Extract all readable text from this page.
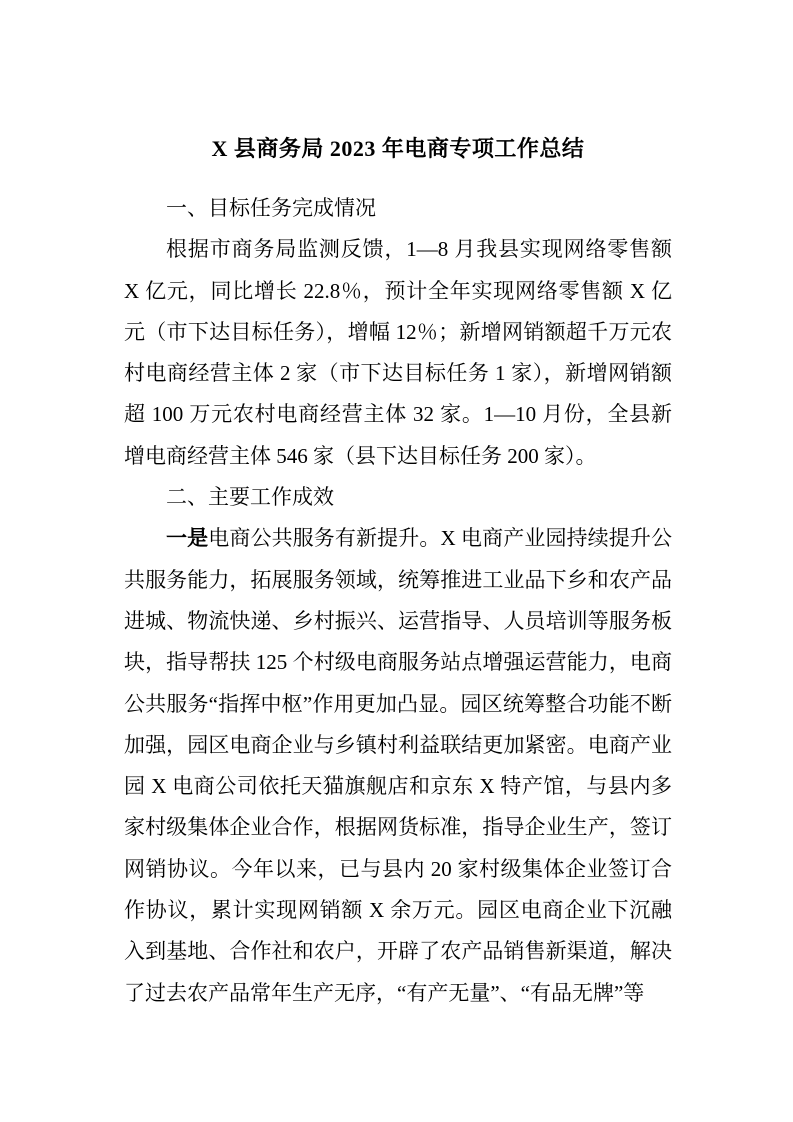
X 县商务局 2023 年电商专项工作总结

一、目标任务完成情况

根据市商务局监测反馈，1—8 月我县实现网络零售额 X 亿元，同比增长 22.8％，预计全年实现网络零售额 X 亿元（市下达目标任务），增幅 12％；新增网销额超千万元农村电商经营主体 2 家（市下达目标任务 1 家），新增网销额超 100 万元农村电商经营主体 32 家。1—10 月份，全县新增电商经营主体 546 家（县下达目标任务 200 家）。

二、主要工作成效

一是电商公共服务有新提升。X 电商产业园持续提升公共服务能力，拓展服务领域，统筹推进工业品下乡和农产品进城、物流快递、乡村振兴、运营指导、人员培训等服务板块，指导帮扶 125 个村级电商服务站点增强运营能力，电商公共服务“指挥中枢”作用更加凸显。园区统筹整合功能不断加强，园区电商企业与乡镇村利益联结更加紧密。电商产业园 X 电商公司依托天猫旗舰店和京东 X 特产馆，与县内多家村级集体企业合作，根据网货标准，指导企业生产，签订网销协议。今年以来，已与县内 20 家村级集体企业签订合作协议，累计实现网销额 X 余万元。园区电商企业下沉融入到基地、合作社和农户，开辟了农产品销售新渠道，解决了过去农产品常年生产无序，“有产无量”、“有品无牌”等
